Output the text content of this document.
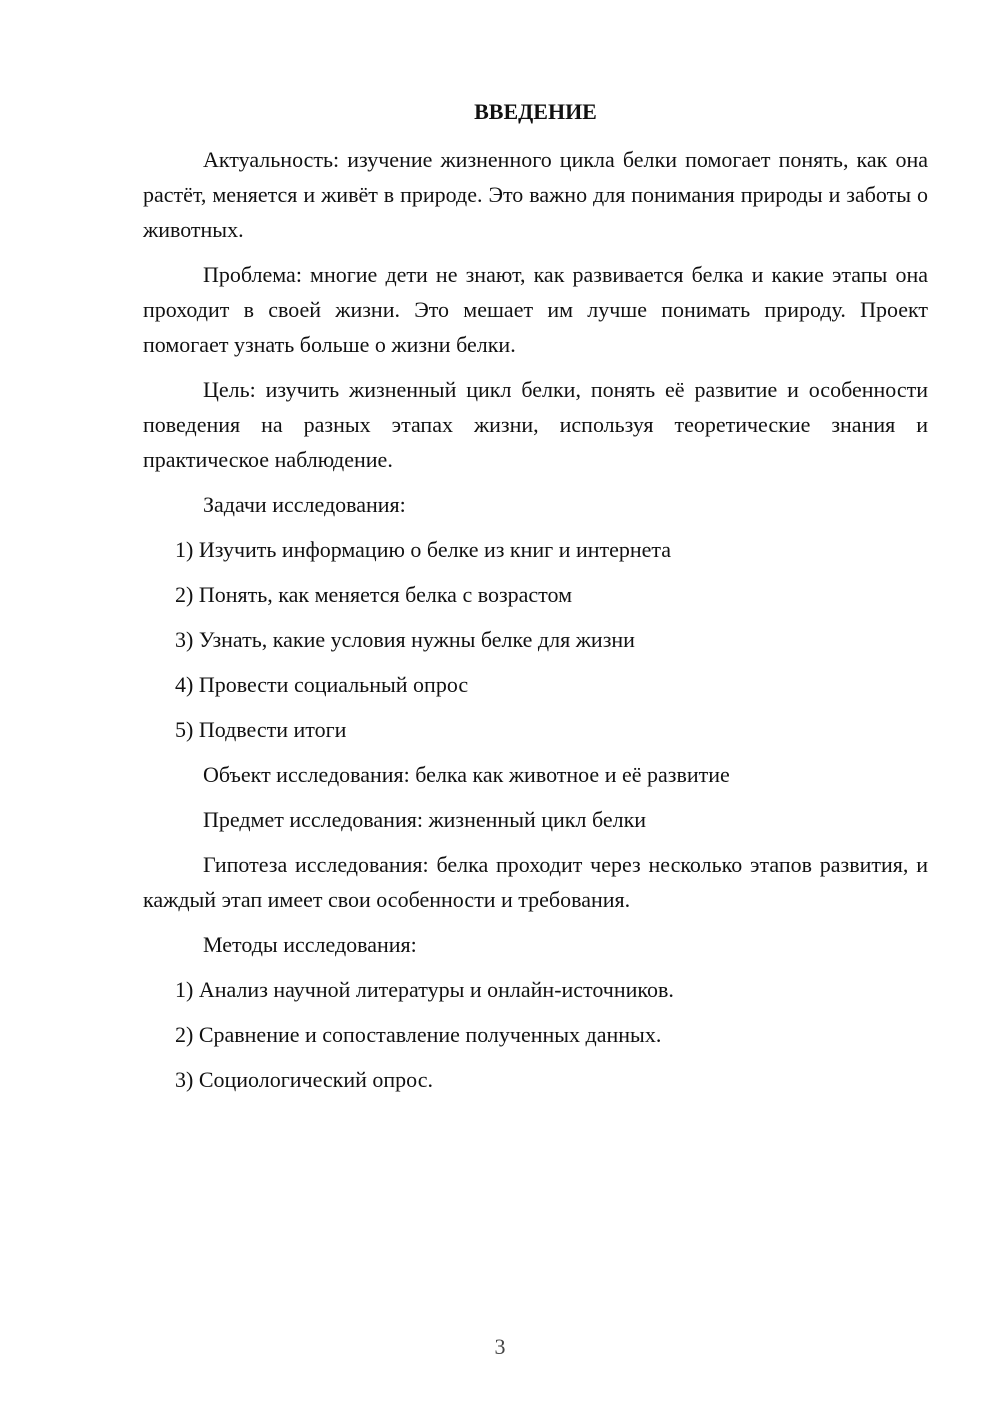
ВВЕДЕНИЕ

Актуальность: изучение жизненного цикла белки помогает понять, как она растёт, меняется и живёт в природе. Это важно для понимания природы и заботы о животных.

Проблема: многие дети не знают, как развивается белка и какие этапы она проходит в своей жизни. Это мешает им лучше понимать природу. Проект помогает узнать больше о жизни белки.

Цель: изучить жизненный цикл белки, понять её развитие и особенности поведения на разных этапах жизни, используя теоретические знания и практическое наблюдение.

Задачи исследования:

1) Изучить информацию о белке из книг и интернета

2) Понять, как меняется белка с возрастом

3) Узнать, какие условия нужны белке для жизни

4) Провести социальный опрос

5) Подвести итоги

Объект исследования: белка как животное и её развитие

Предмет исследования: жизненный цикл белки

Гипотеза исследования: белка проходит через несколько этапов развития, и каждый этап имеет свои особенности и требования.

Методы исследования:

1) Анализ научной литературы и онлайн-источников.

2) Сравнение и сопоставление полученных данных.

3) Социологический опрос.

3
